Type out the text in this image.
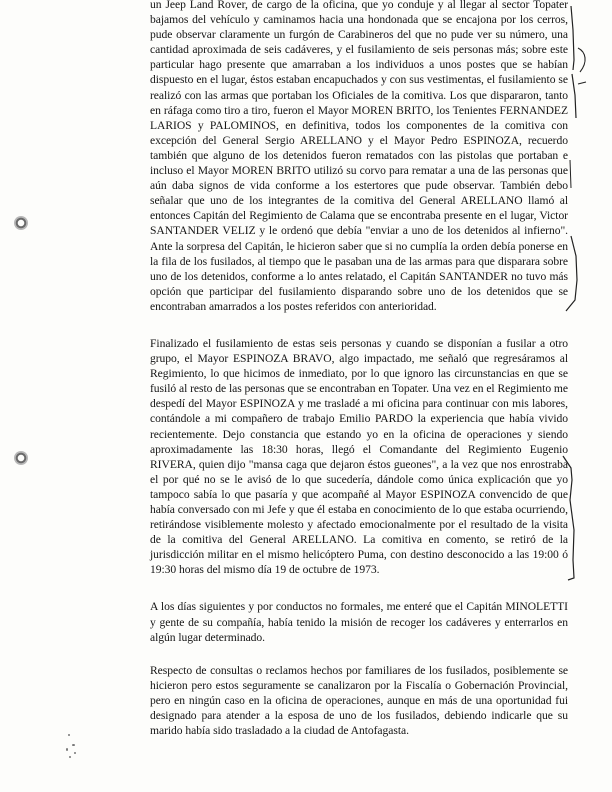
un Jeep Land Rover, de cargo de la oficina, que yo conduje y al llegar al sector Topater bajamos del vehículo y caminamos hacia una hondonada que se encajona por los cerros, pude observar claramente un furgón de Carabineros del que no pude ver su número, una cantidad aproximada de seis cadáveres, y el fusilamiento de seis personas más; sobre este particular hago presente que amarraban a los individuos a unos postes que se habían dispuesto en el lugar, éstos estaban encapuchados y con sus vestimentas, el fusilamiento se realizó con las armas que portaban los Oficiales de la comitiva. Los que dispararon, tanto en ráfaga como tiro a tiro, fueron el Mayor MOREN BRITO, los Tenientes FERNANDEZ LARIOS y PALOMINOS, en definitiva, todos los componentes de la comitiva con excepción del General Sergio ARELLANO y el Mayor Pedro ESPINOZA, recuerdo también que alguno de los detenidos fueron rematados con las pistolas que portaban e incluso el Mayor MOREN BRITO utilizó su corvo para rematar a una de las personas que aún daba signos de vida conforme a los estertores que pude observar. También debo señalar que uno de los integrantes de la comitiva del General ARELLANO llamó al entonces Capitán del Regimiento de Calama que se encontraba presente en el lugar, Victor SANTANDER VELIZ y le ordenó que debía "enviar a uno de los detenidos al infierno". Ante la sorpresa del Capitán, le hicieron saber que si no cumplía la orden debía ponerse en la fila de los fusilados, al tiempo que le pasaban una de las armas para que disparara sobre uno de los detenidos, conforme a lo antes relatado, el Capitán SANTANDER no tuvo más opción que participar del fusilamiento disparando sobre uno de los detenidos que se encontraban amarrados a los postes referidos con anterioridad.

Finalizado el fusilamiento de estas seis personas y cuando se disponían a fusilar a otro grupo, el Mayor ESPINOZA BRAVO, algo impactado, me señaló que regresáramos al Regimiento, lo que hicimos de inmediato, por lo que ignoro las circunstancias en que se fusiló al resto de las personas que se encontraban en Topater. Una vez en el Regimiento me despedí del Mayor ESPINOZA y me trasladé a mi oficina para continuar con mis labores, contándole a mi compañero de trabajo Emilio PARDO la experiencia que había vivido recientemente. Dejo constancia que estando yo en la oficina de operaciones y siendo aproximadamente las 18:30 horas, llegó el Comandante del Regimiento Eugenio RIVERA, quien dijo "mansa caga que dejaron éstos gueones", a la vez que nos enrostraba el por qué no se le avisó de lo que sucedería, dándole como única explicación que yo tampoco sabía lo que pasaría y que acompañé al Mayor ESPINOZA convencido de que había conversado con mi Jefe y que él estaba en conocimiento de lo que estaba ocurriendo, retirándose visiblemente molesto y afectado emocionalmente por el resultado de la visita de la comitiva del General ARELLANO. La comitiva en comento, se retiró de la jurisdicción militar en el mismo helicóptero Puma, con destino desconocido a las 19:00 ó 19:30 horas del mismo día 19 de octubre de 1973.

A los días siguientes y por conductos no formales, me enteré que el Capitán MINOLETTI y gente de su compañía, había tenido la misión de recoger los cadáveres y enterrarlos en algún lugar determinado.

Respecto de consultas o reclamos hechos por familiares de los fusilados, posiblemente se hicieron pero estos seguramente se canalizaron por la Fiscalía o Gobernación Provincial, pero en ningún caso en la oficina de operaciones, aunque en más de una oportunidad fui designado para atender a la esposa de uno de los fusilados, debiendo indicarle que su marido había sido trasladado a la ciudad de Antofagasta.
